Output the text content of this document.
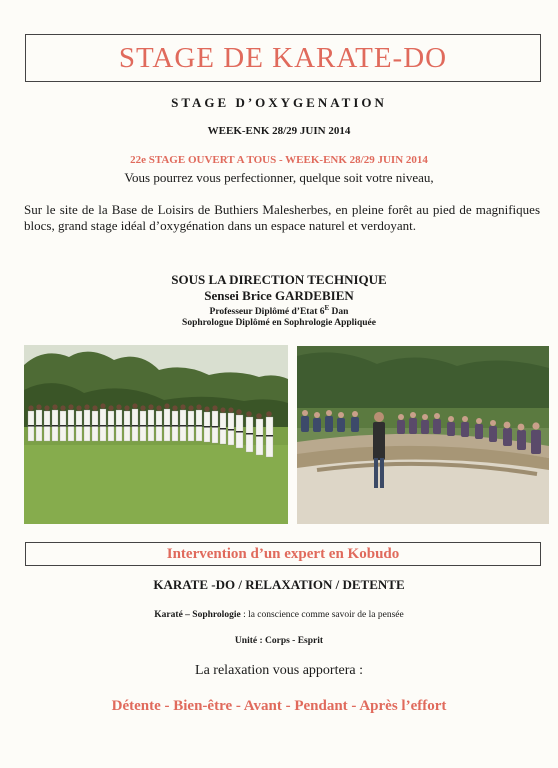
STAGE DE KARATE-DO
STAGE D’OXYGENATION
WEEK-ENK 28/29 JUIN 2014
22e STAGE OUVERT A TOUS - WEEK-ENK 28/29 JUIN 2014
Vous pourrez vous perfectionner, quelque soit votre niveau,
Sur le site de la Base de Loisirs de Buthiers Malesherbes, en pleine forêt au pied de magnifiques blocs, grand stage idéal d’oxygénation dans un espace naturel et verdoyant.
SOUS LA DIRECTION TECHNIQUE
Sensei Brice GARDEBIEN
Professeur Diplômé d’Etat $6^E$ Dan
Sophrologue Diplômé en Sophrologie Appliquée
Intervention d’un expert en Kobudo
KARATE -DO / RELAXATION / DETENTE
Karaté – Sophrologie : la conscience comme savoir de la pensée
Unité : Corps - Esprit
La relaxation vous apportera :
Détente - Bien-être - Avant - Pendant - Après l’effort
